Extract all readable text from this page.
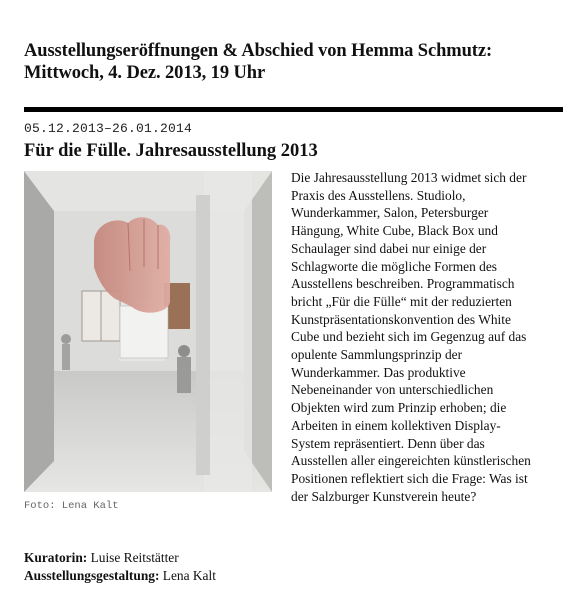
Ausstellungseröffnungen & Abschied von Hemma Schmutz:
Mittwoch, 4. Dez. 2013, 19 Uhr
05.12.2013–26.01.2014
Für die Fülle. Jahresausstellung 2013
Foto: Lena Kalt
Die Jahresausstellung 2013 widmet sich der
Praxis des Ausstellens. Studiolo,
Wunderkammer, Salon, Petersburger
Hängung, White Cube, Black Box und
Schaulager sind dabei nur einige der
Schlagworte die mögliche Formen des
Ausstellens beschreiben. Programmatisch
bricht „Für die Fülle“ mit der reduzierten
Kunstpräsentationskonvention des White
Cube und bezieht sich im Gegenzug auf das
opulente Sammlungsprinzip der
Wunderkammer. Das produktive
Nebeneinander von unterschiedlichen
Objekten wird zum Prinzip erhoben; die
Arbeiten in einem kollektiven Display-
System repräsentiert. Denn über das
Ausstellen aller eingereichten künstlerischen
Positionen reflektiert sich die Frage: Was ist
der Salzburger Kunstverein heute?
Kuratorin: Luise Reitstätter
Ausstellungsgestaltung: Lena Kalt
